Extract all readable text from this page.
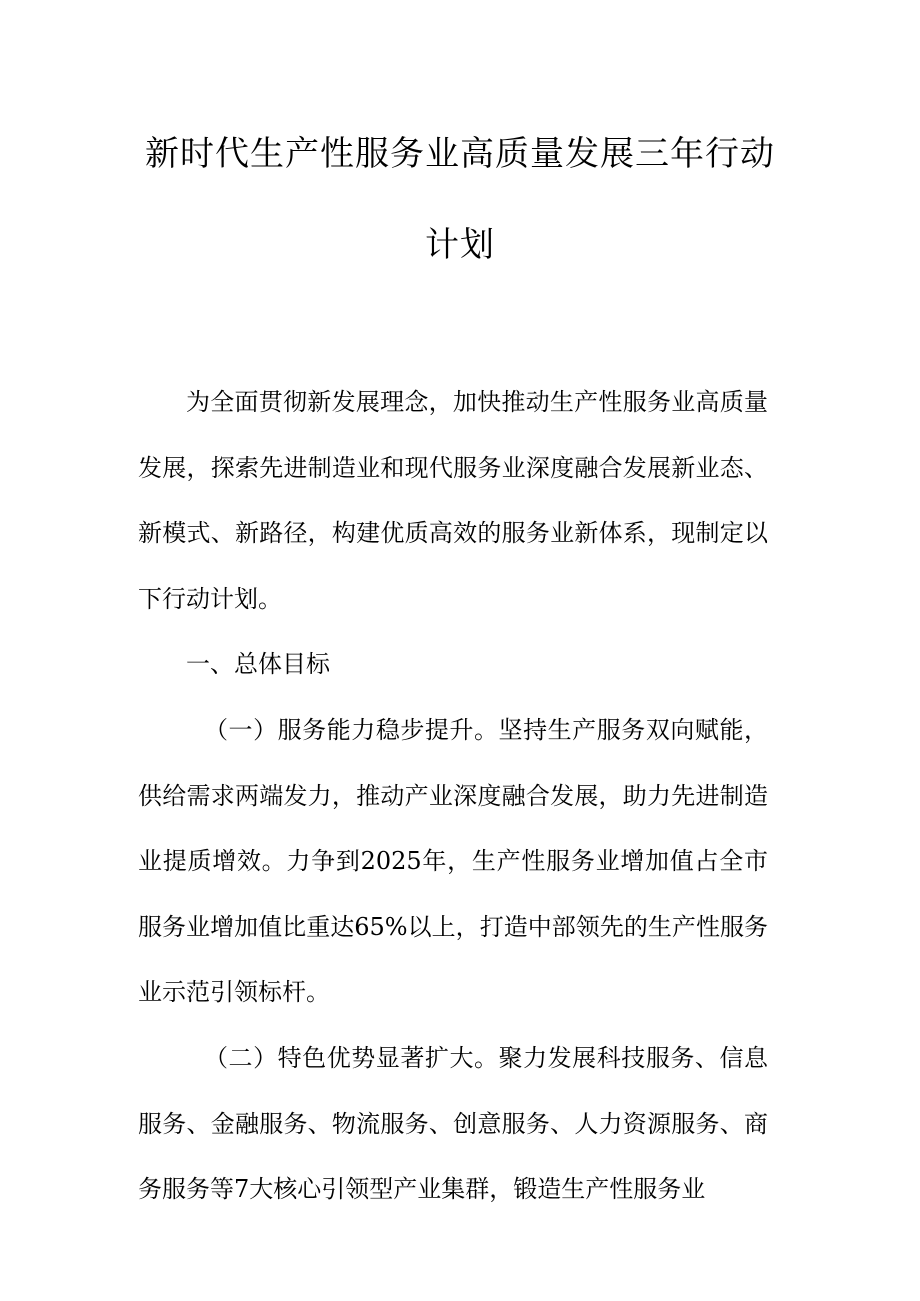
新时代生产性服务业高质量发展三年行动
计划

为全面贯彻新发展理念，加快推动生产性服务业高质量发展，探索先进制造业和现代服务业深度融合发展新业态、新模式、新路径，构建优质高效的服务业新体系，现制定以下行动计划。

一、总体目标

（一）服务能力稳步提升。坚持生产服务双向赋能，供给需求两端发力，推动产业深度融合发展，助力先进制造业提质增效。力争到2025年，生产性服务业增加值占全市服务业增加值比重达65%以上，打造中部领先的生产性服务业示范引领标杆。

（二）特色优势显著扩大。聚力发展科技服务、信息服务、金融服务、物流服务、创意服务、人力资源服务、商务服务等7大核心引领型产业集群，锻造生产性服务业
